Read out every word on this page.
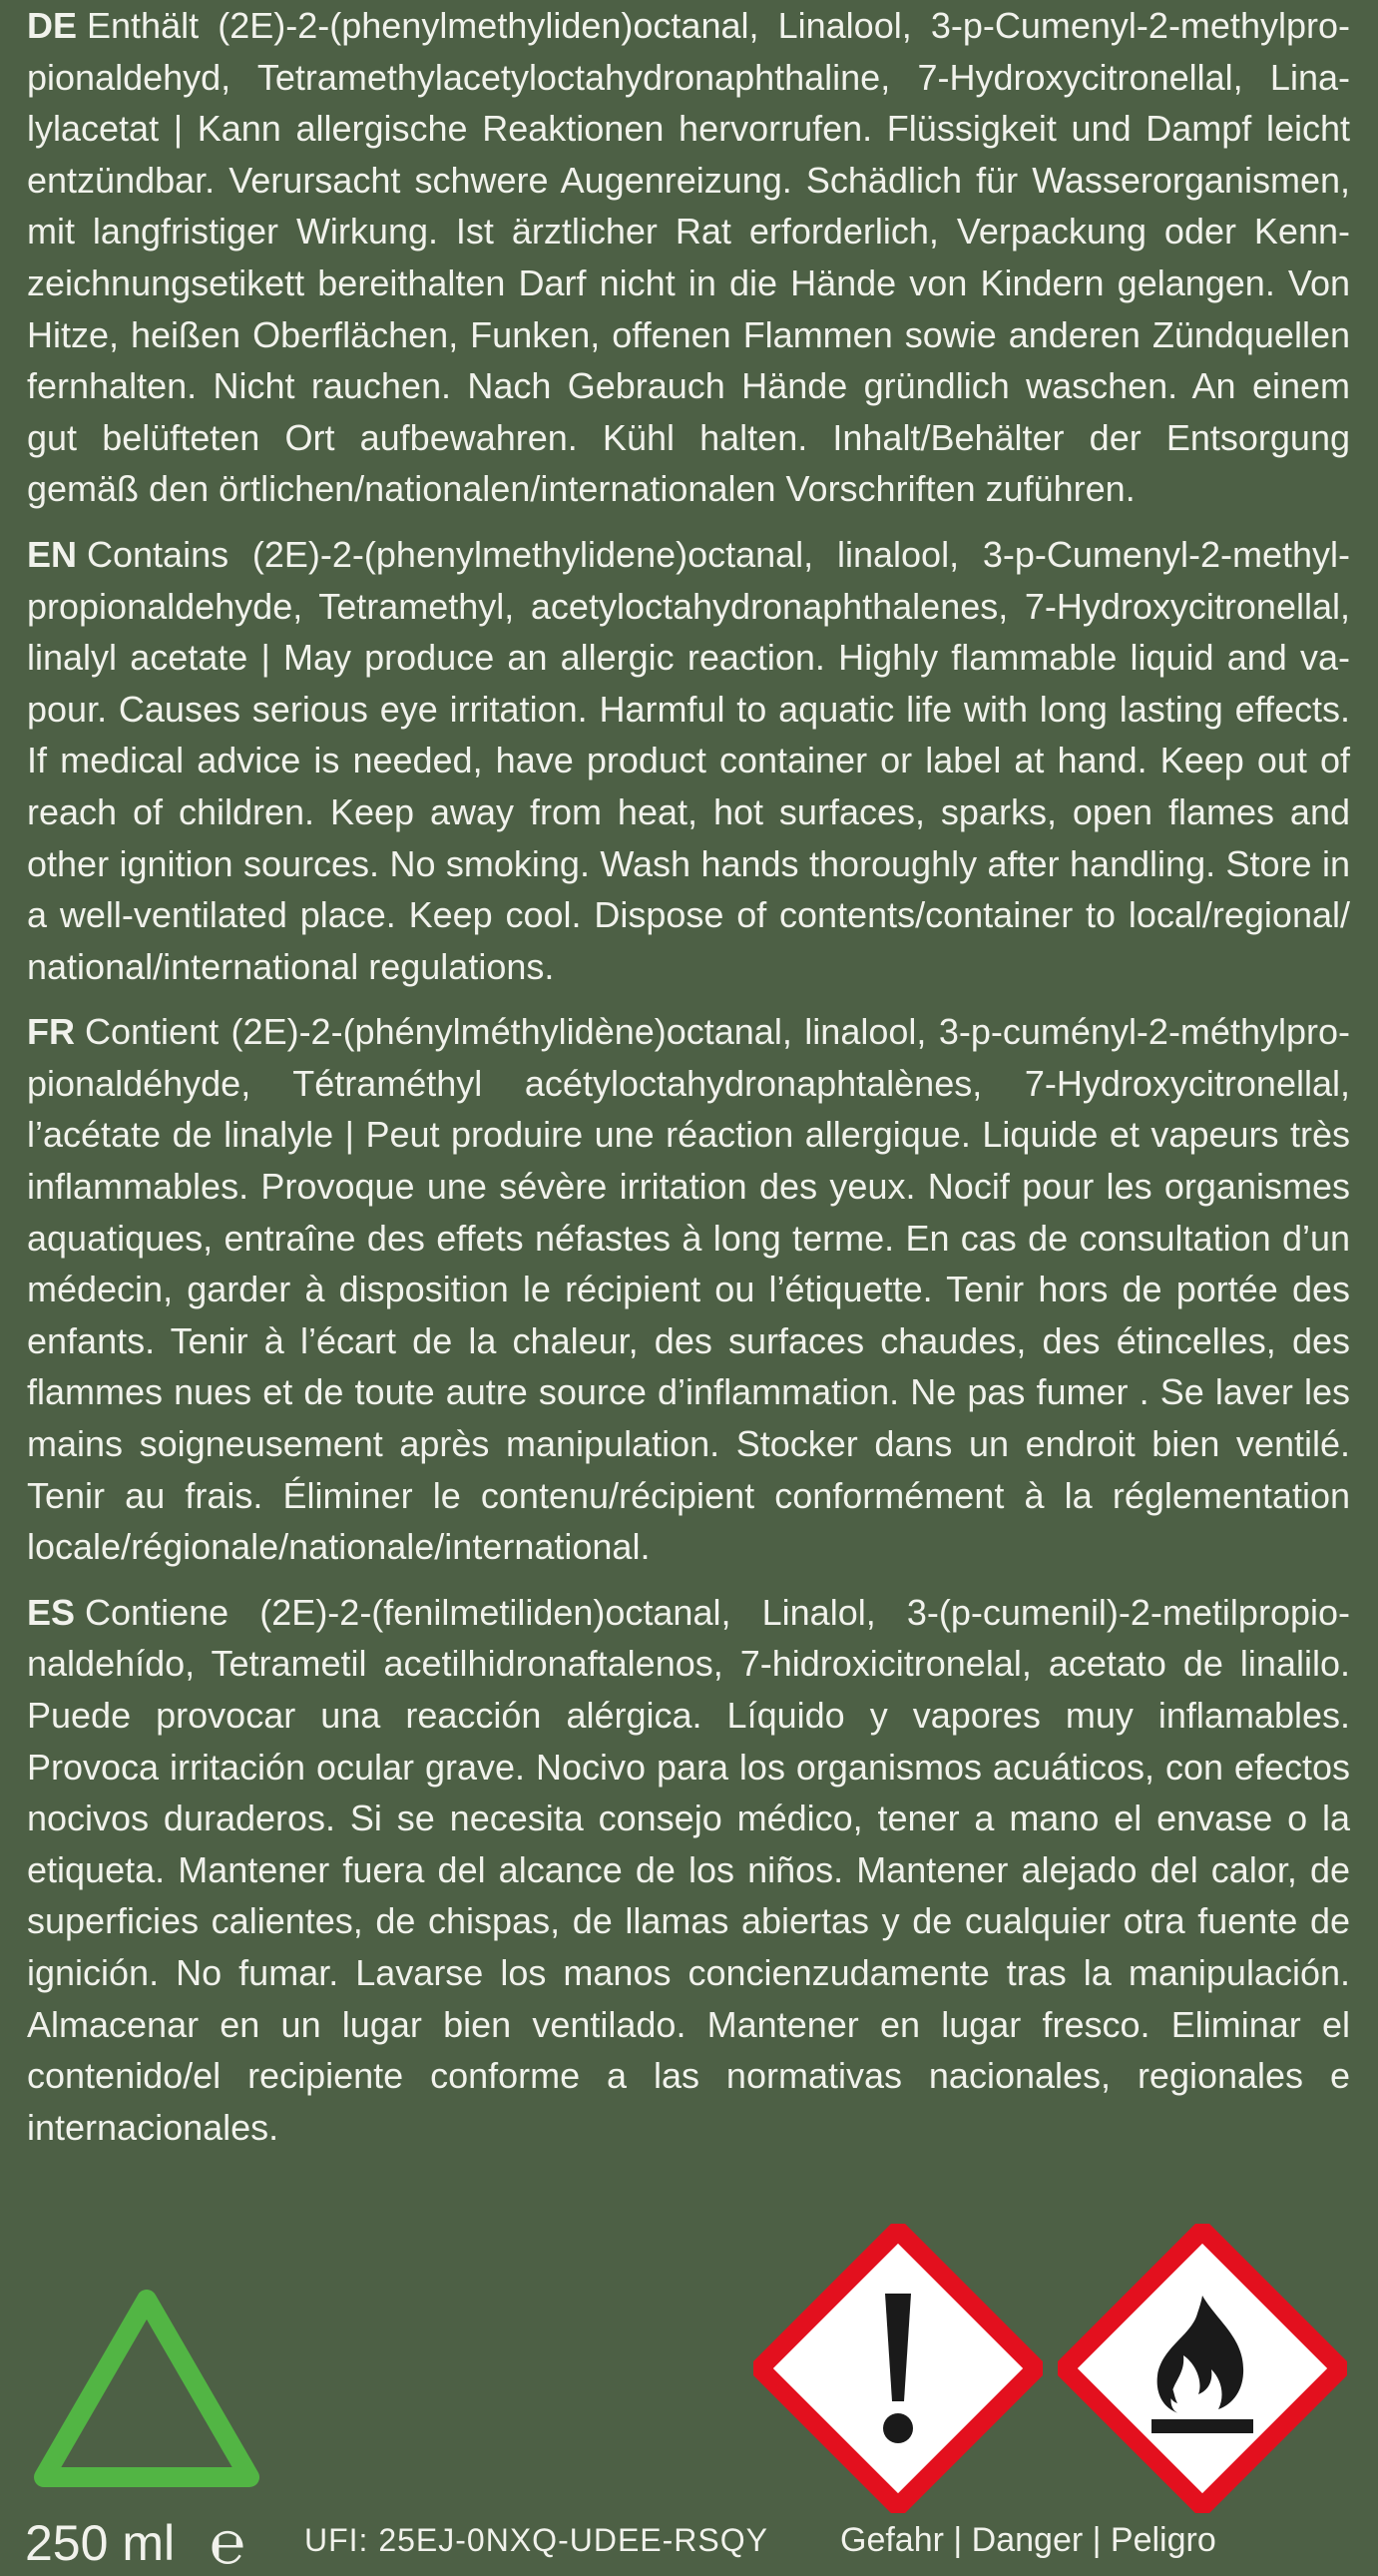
DE Enthält (2E)-2-(phenylmethyliden)octanal, Linalool, 3-p-Cumenyl-2-methylpropionaldehyd, Tetramethylacetyloctahydronaphthaline, 7-Hydroxycitronellal, Linalylacetat | Kann allergische Reaktionen hervorrufen. Flüssigkeit und Dampf leicht entzündbar. Verursacht schwere Augenreizung. Schädlich für Wasserorganismen, mit langfristiger Wirkung. Ist ärztlicher Rat erforderlich, Verpackung oder Kennzeichnungsetikett bereithalten Darf nicht in die Hände von Kindern gelangen. Von Hitze, heißen Oberflächen, Funken, offenen Flammen sowie anderen Zündquellen fernhalten. Nicht rauchen. Nach Gebrauch Hände gründlich waschen. An einem gut belüfteten Ort aufbewahren. Kühl halten. Inhalt/Behälter der Entsorgung gemäß den örtlichen/nationalen/internationalen Vorschriften zuführen.

EN Contains (2E)-2-(phenylmethylidene)octanal, linalool, 3-p-Cumenyl-2-methylpropionaldehyde, Tetramethyl, acetyloctahydronaphthalenes, 7-Hydroxycitronellal, linalyl acetate | May produce an allergic reaction. Highly flammable liquid and vapour. Causes serious eye irritation. Harmful to aquatic life with long lasting effects. If medical advice is needed, have product container or label at hand. Keep out of reach of children. Keep away from heat, hot surfaces, sparks, open flames and other ignition sources. No smoking. Wash hands thoroughly after handling. Store in a well-ventilated place. Keep cool. Dispose of contents/container to local/regional/ national/international regulations.

FR Contient (2E)-2-(phénylméthylidène)octanal, linalool, 3-p-cuményl-2-méthylpropionaldéhyde, Tétraméthyl acétyloctahydronaphtalènes, 7-Hydroxycitronellal, l’acétate de linalyle | Peut produire une réaction allergique. Liquide et vapeurs très inflammables. Provoque une sévère irritation des yeux. Nocif pour les organismes aquatiques, entraîne des effets néfastes à long terme. En cas de consultation d’un médecin, garder à disposition le récipient ou l’étiquette. Tenir hors de portée des enfants. Tenir à l’écart de la chaleur, des surfaces chaudes, des étincelles, des flammes nues et de toute autre source d’inflammation. Ne pas fumer . Se laver les mains soigneusement après manipulation. Stocker dans un endroit bien ventilé. Tenir au frais. Éliminer le contenu/récipient conformément à la réglementation locale/régionale/nationale/international.

ES Contiene (2E)-2-(fenilmetiliden)octanal, Linalol, 3-(p-cumenil)-2-metilpropionaldehído, Tetrametil acetilhidronaftalenos, 7-hidroxicitronelal, acetato de linalilo. Puede provocar una reacción alérgica. Líquido y vapores muy inflamables. Provoca irritación ocular grave. Nocivo para los organismos acuáticos, con efectos nocivos duraderos. Si se necesita consejo médico, tener a mano el envase o la etiqueta. Mantener fuera del alcance de los niños. Mantener alejado del calor, de superficies calientes, de chispas, de llamas abiertas y de cualquier otra fuente de ignición. No fumar. Lavarse los manos concienzudamente tras la manipulación. Almacenar en un lugar bien ventilado. Mantener en lugar fresco. Eliminar el contenido/el recipiente conforme a las normativas nacionales, regionales e internacionales.

250 ml ℮ UFI: 25EJ-0NXQ-UDEE-RSQY Gefahr | Danger | Peligro
